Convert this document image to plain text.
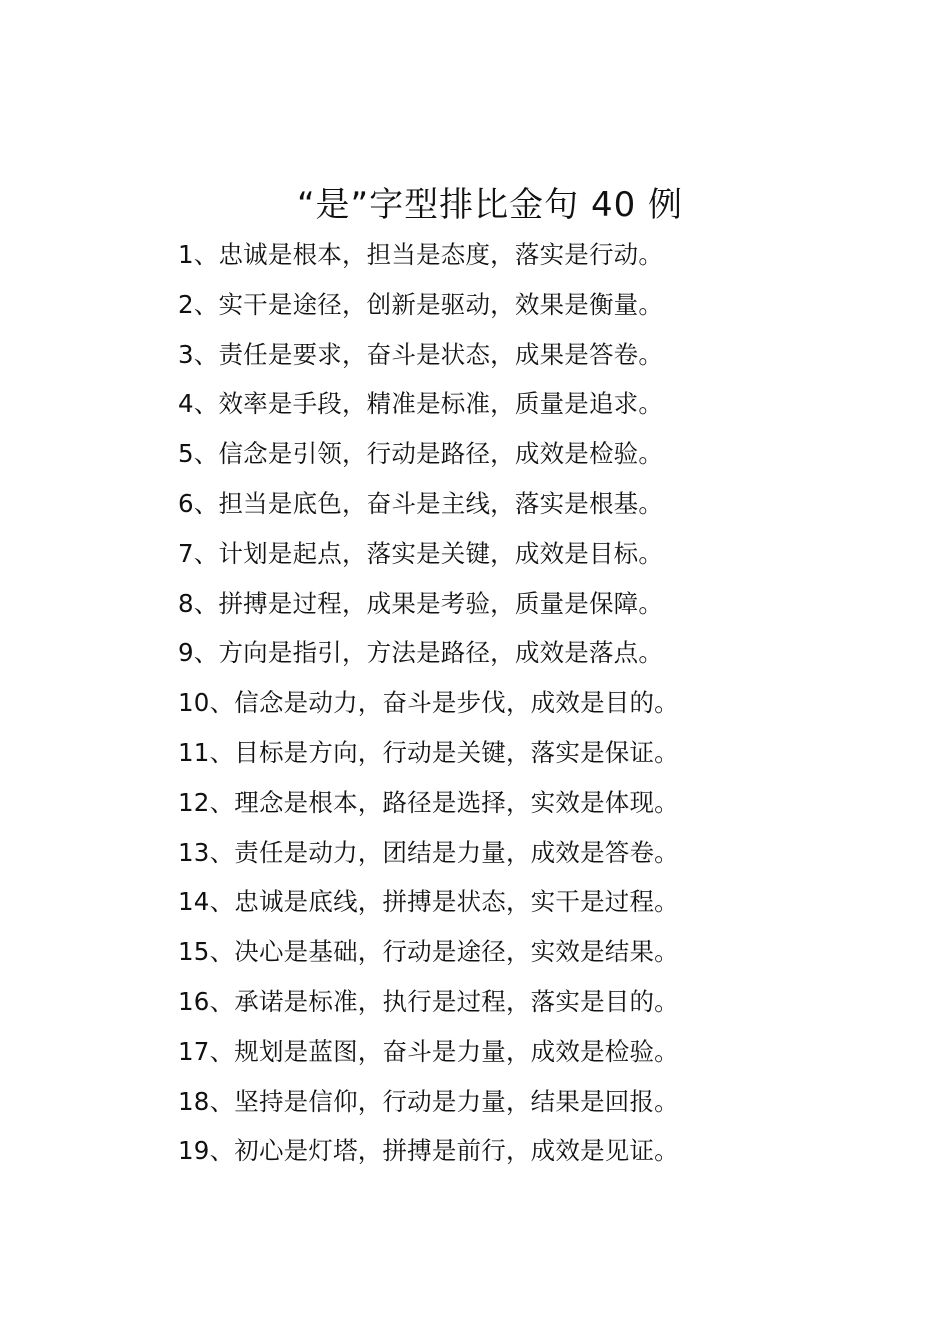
“是”字型排比金句 40 例
1、忠诚是根本，担当是态度，落实是行动。
2、实干是途径，创新是驱动，效果是衡量。
3、责任是要求，奋斗是状态，成果是答卷。
4、效率是手段，精准是标准，质量是追求。
5、信念是引领，行动是路径，成效是检验。
6、担当是底色，奋斗是主线，落实是根基。
7、计划是起点，落实是关键，成效是目标。
8、拼搏是过程，成果是考验，质量是保障。
9、方向是指引，方法是路径，成效是落点。
10、信念是动力，奋斗是步伐，成效是目的。
11、目标是方向，行动是关键，落实是保证。
12、理念是根本，路径是选择，实效是体现。
13、责任是动力，团结是力量，成效是答卷。
14、忠诚是底线，拼搏是状态，实干是过程。
15、决心是基础，行动是途径，实效是结果。
16、承诺是标准，执行是过程，落实是目的。
17、规划是蓝图，奋斗是力量，成效是检验。
18、坚持是信仰，行动是力量，结果是回报。
19、初心是灯塔，拼搏是前行，成效是见证。
